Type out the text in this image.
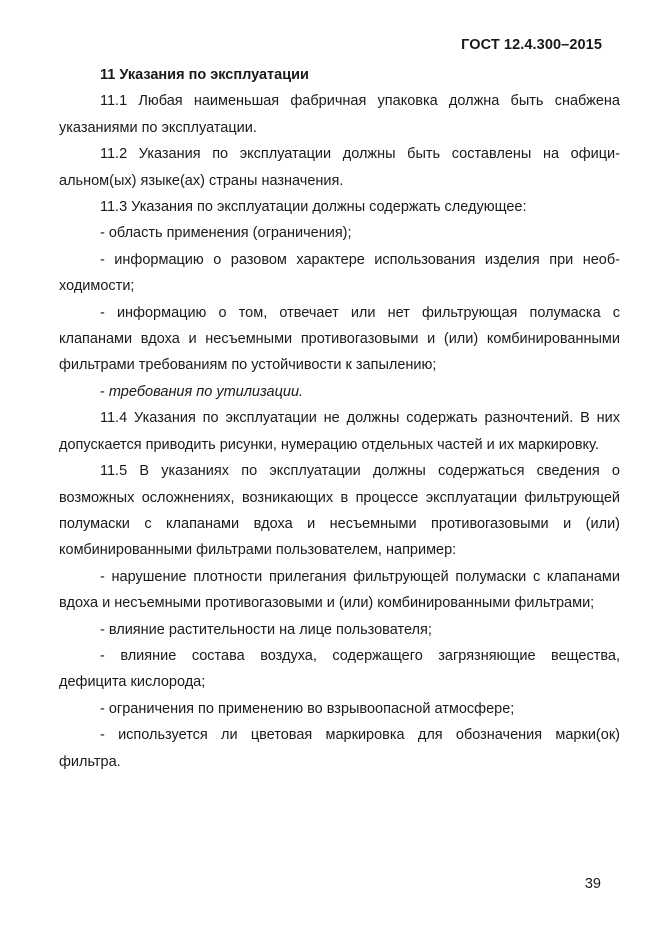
ГОСТ 12.4.300–2015

11 Указания по эксплуатации

11.1 Любая наименьшая фабричная упаковка должна быть снабжена указаниями по эксплуатации.

11.2 Указания по эксплуатации должны быть составлены на официальном(ых) языке(ах) страны назначения.

11.3 Указания по эксплуатации должны содержать следующее:

- область применения (ограничения);

- информацию о разовом характере использования изделия при необходимости;

- информацию о том, отвечает или нет фильтрующая полумаска с клапанами вдоха и несъемными противогазовыми и (или) комбинированными фильтрами требованиям по устойчивости к запылению;

- требования по утилизации.

11.4 Указания по эксплуатации не должны содержать разночтений. В них допускается приводить рисунки, нумерацию отдельных частей и их маркировку.

11.5 В указаниях по эксплуатации должны содержаться сведения о возможных осложнениях, возникающих в процессе эксплуатации фильтрующей полумаски с клапанами вдоха и несъемными противогазовыми и (или) комбинированными фильтрами пользователем, например:

- нарушение плотности прилегания фильтрующей полумаски с клапанами вдоха и несъемными противогазовыми и (или) комбинированными фильтрами;

- влияние растительности на лице пользователя;

- влияние состава воздуха, содержащего загрязняющие вещества, дефицита кислорода;

- ограничения по применению во взрывоопасной атмосфере;

- используется ли цветовая маркировка для обозначения марки(ок) фильтра.

39
